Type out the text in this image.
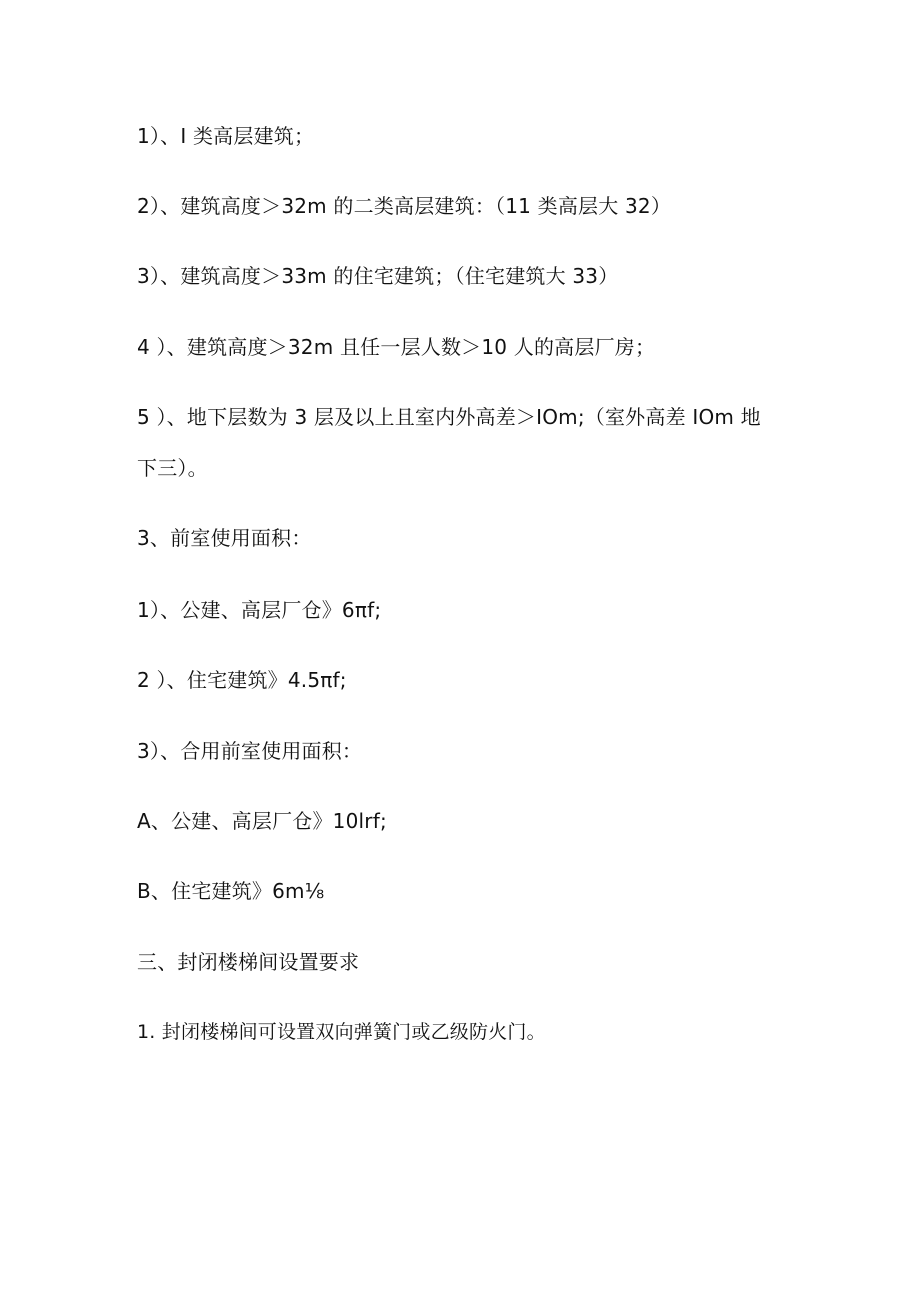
1）、I 类高层建筑；
2）、建筑高度＞32m 的二类高层建筑：（11 类高层大 32）
3）、建筑高度＞33m 的住宅建筑；（住宅建筑大 33）
4 ）、建筑高度＞32m 且任一层人数＞10 人的高层厂房；
5 ）、地下层数为 3 层及以上且室内外高差＞IOm;（室外高差 IOm 地
下三）。
3、前室使用面积：
1）、公建、高层厂仓》6πf;
2 ）、住宅建筑》4.5πf;
3）、合用前室使用面积：
A、公建、高层厂仓》10lrf;
B、住宅建筑》6m⅛
三、封闭楼梯间设置要求
1. 封闭楼梯间可设置双向弹簧门或乙级防火门。
